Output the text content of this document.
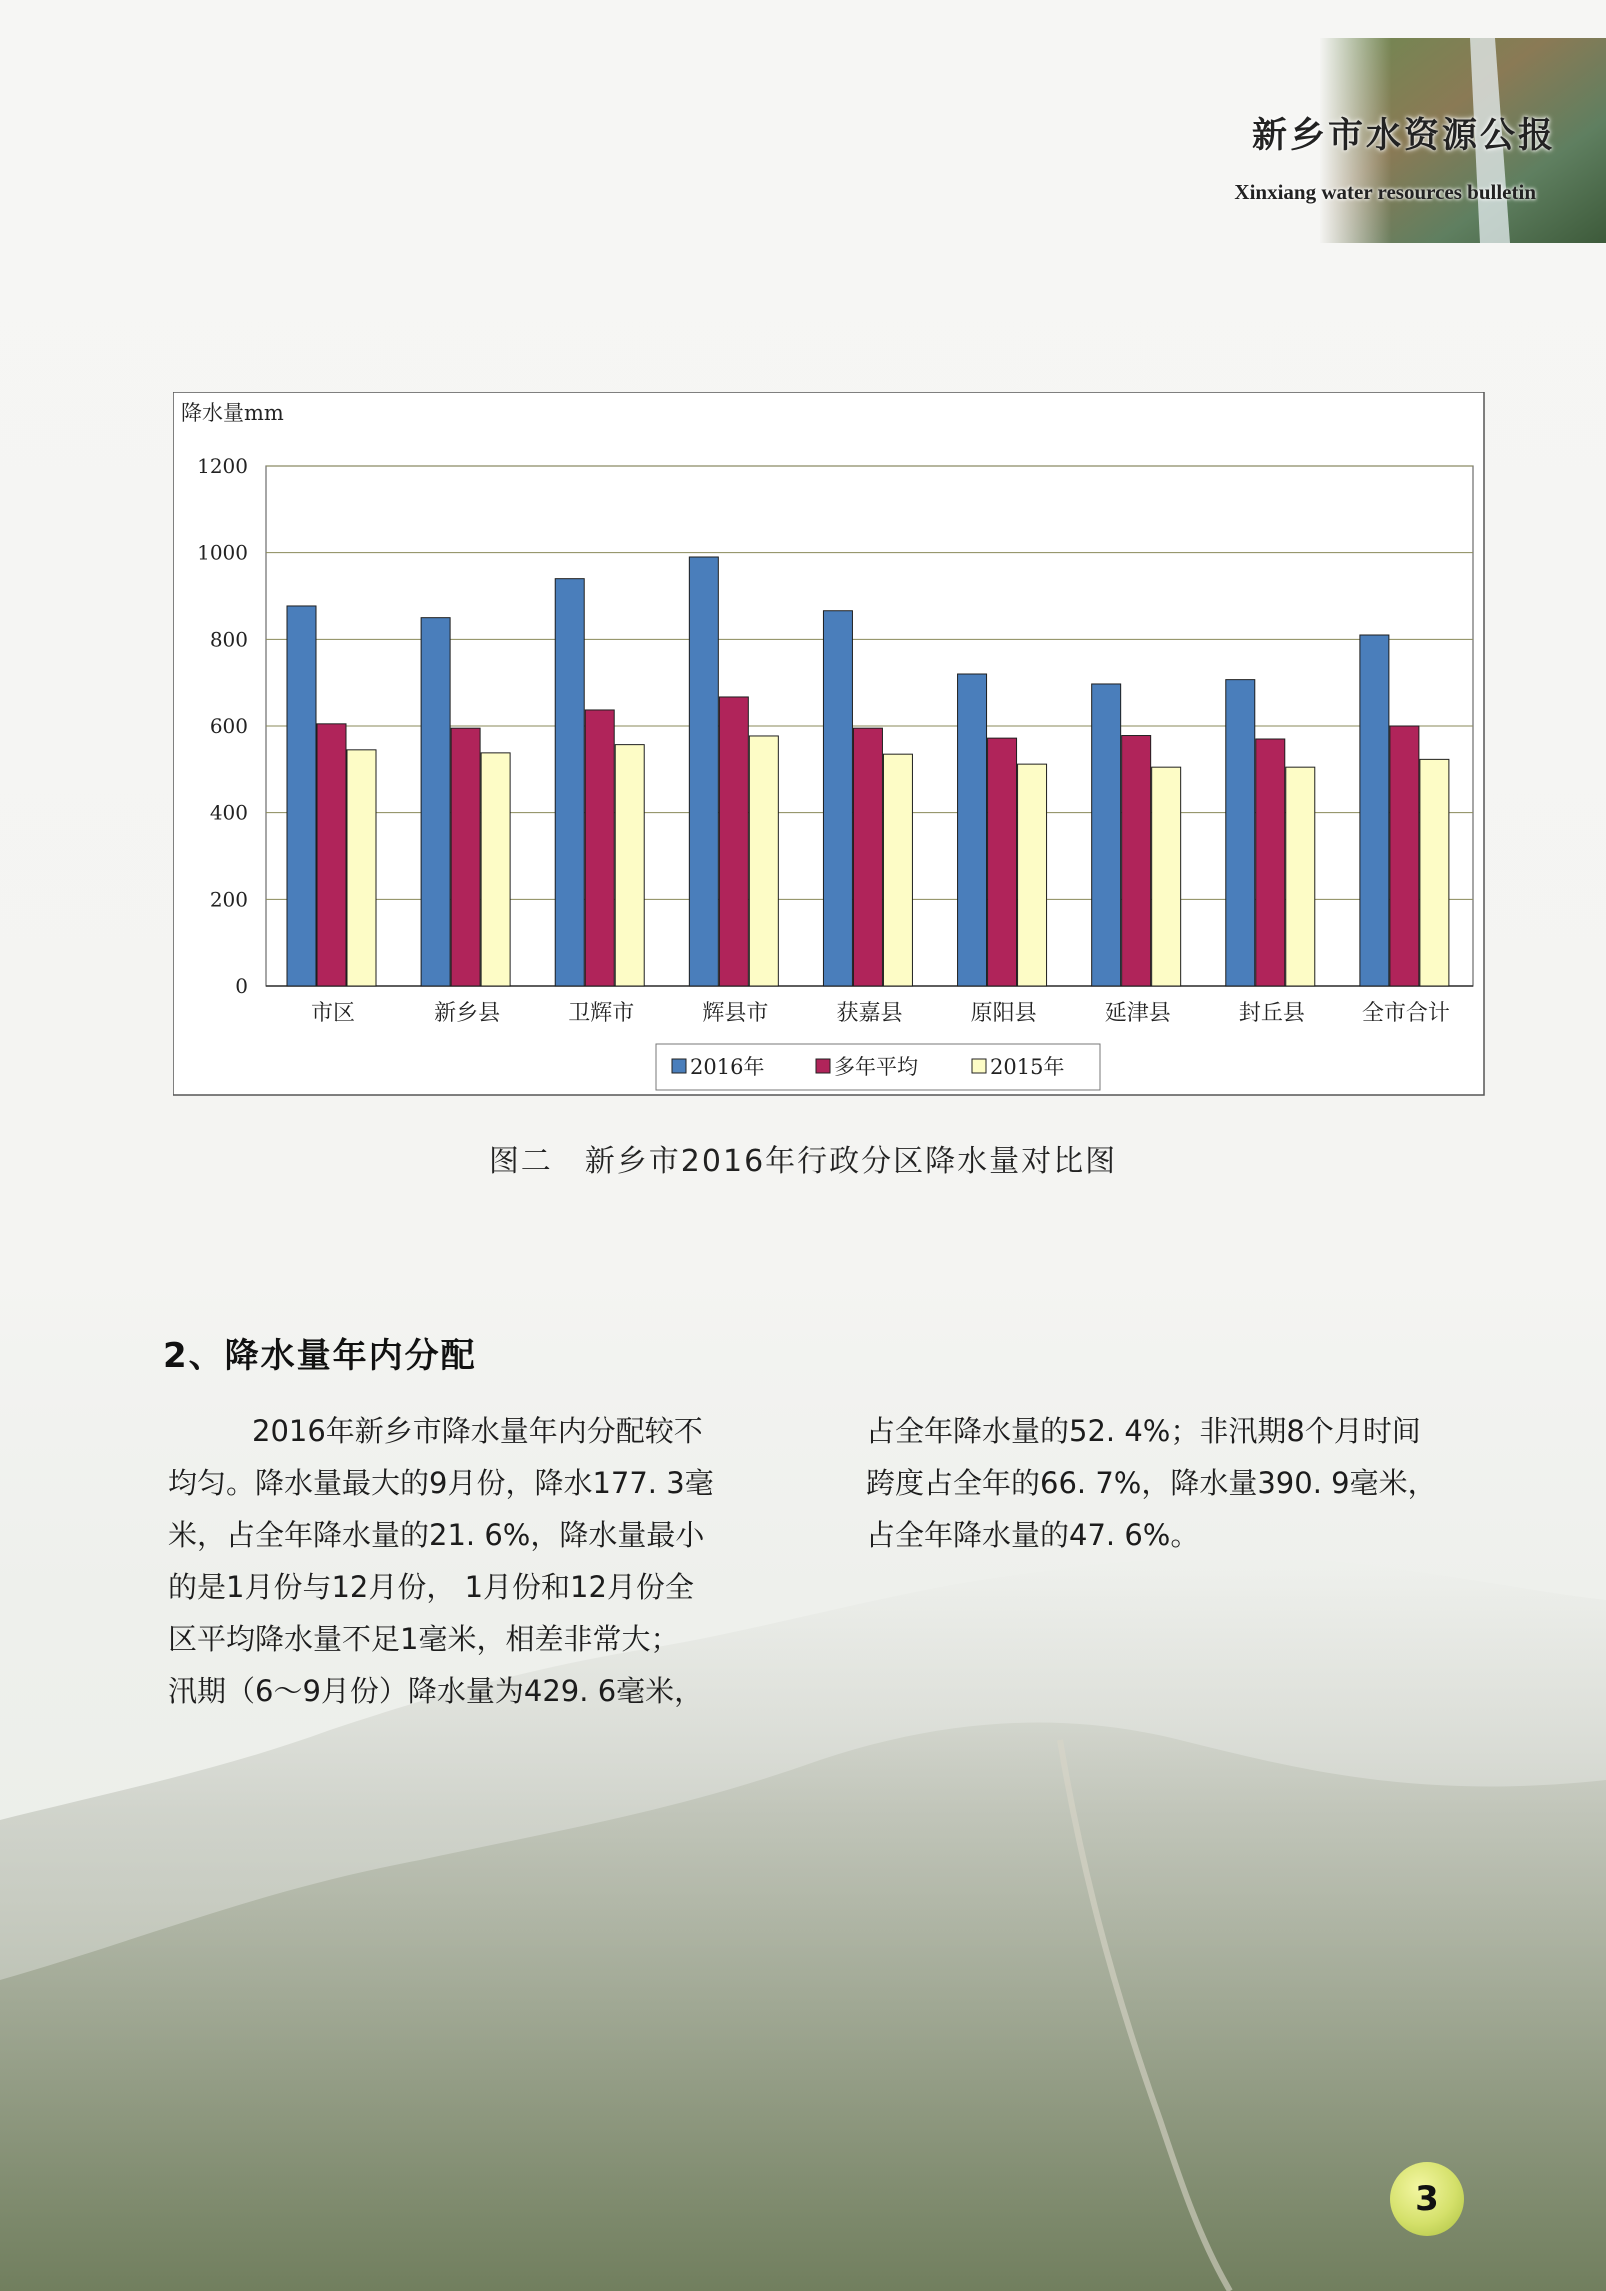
新乡市水资源公报
Xinxiang water resources bulletin
降水量mm
0
200
400
600
800
1000
1200
市区	新乡县	卫辉市	辉县市	获嘉县	原阳县	延津县	封丘县	全市合计
2016年	多年平均	2015年
图二　新乡市2016年行政分区降水量对比图
2、降水量年内分配
2016年新乡市降水量年内分配较不
均匀。降水量最大的9月份，降水177. 3毫
米，占全年降水量的21. 6%，降水量最小
的是1月份与12月份， 1月份和12月份全
区平均降水量不足1毫米，相差非常大；
汛期（6～9月份）降水量为429. 6毫米，
占全年降水量的52. 4%；非汛期8个月时间
跨度占全年的66. 7%，降水量390. 9毫米，
占全年降水量的47. 6%。
3
